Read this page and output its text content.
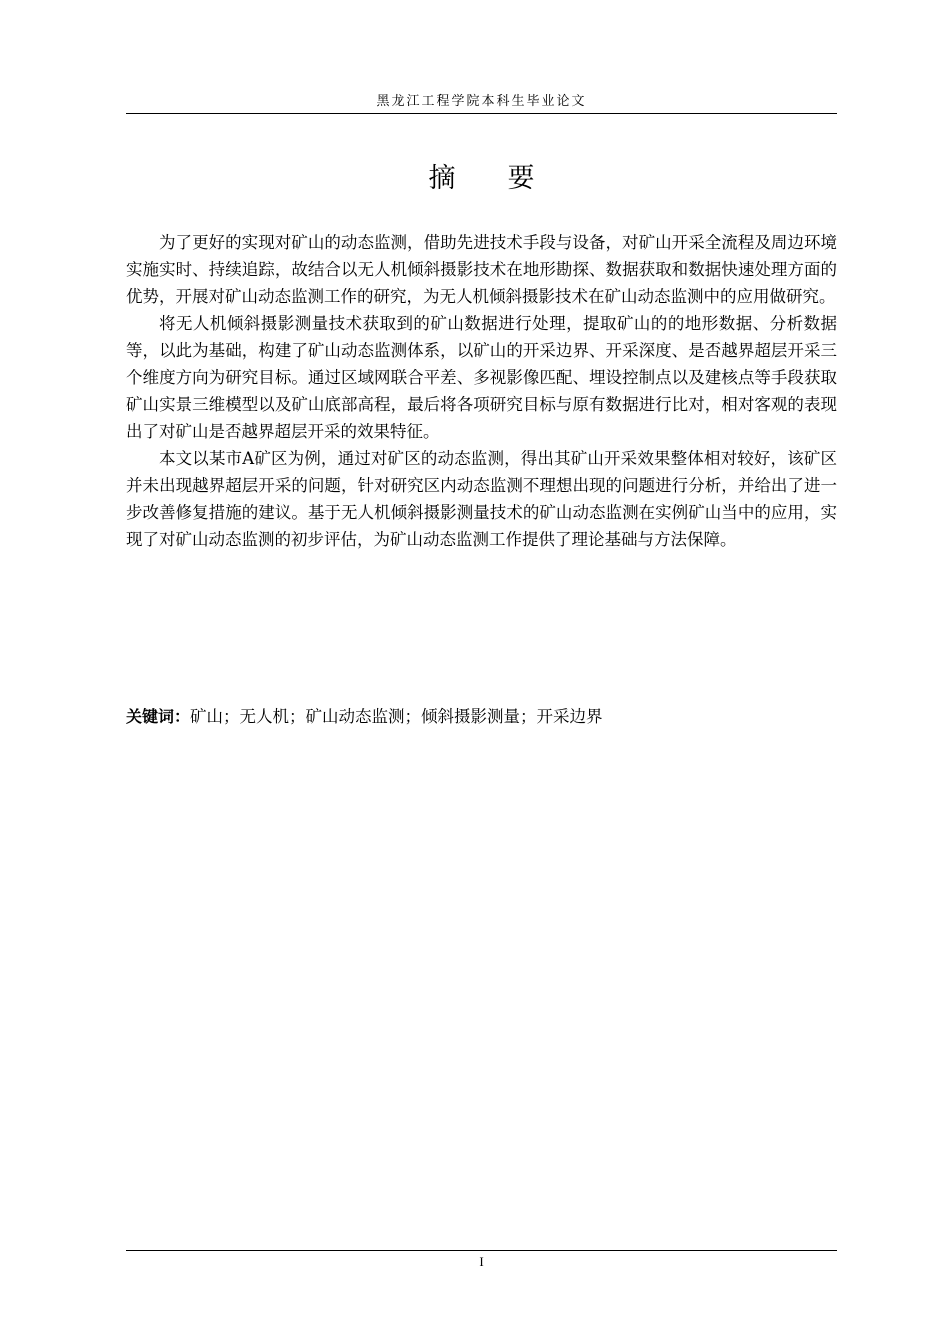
黑龙江工程学院本科生毕业论文
摘 要

为了更好的实现对矿山的动态监测，借助先进技术手段与设备，对矿山开采全流程及周边环境实施实时、持续追踪，故结合以无人机倾斜摄影技术在地形勘探、数据获取和数据快速处理方面的优势，开展对矿山动态监测工作的研究，为无人机倾斜摄影技术在矿山动态监测中的应用做研究。

将无人机倾斜摄影测量技术获取到的矿山数据进行处理，提取矿山的的地形数据、分析数据等，以此为基础，构建了矿山动态监测体系，以矿山的开采边界、开采深度、是否越界超层开采三个维度方向为研究目标。通过区域网联合平差、多视影像匹配、埋设控制点以及建核点等手段获取矿山实景三维模型以及矿山底部高程，最后将各项研究目标与原有数据进行比对，相对客观的表现出了对矿山是否越界超层开采的效果特征。

本文以某市A矿区为例，通过对矿区的动态监测，得出其矿山开采效果整体相对较好，该矿区并未出现越界超层开采的问题，针对研究区内动态监测不理想出现的问题进行分析，并给出了进一步改善修复措施的建议。基于无人机倾斜摄影测量技术的矿山动态监测在实例矿山当中的应用，实现了对矿山动态监测的初步评估，为矿山动态监测工作提供了理论基础与方法保障。

关键词：矿山；无人机；矿山动态监测；倾斜摄影测量；开采边界
I
